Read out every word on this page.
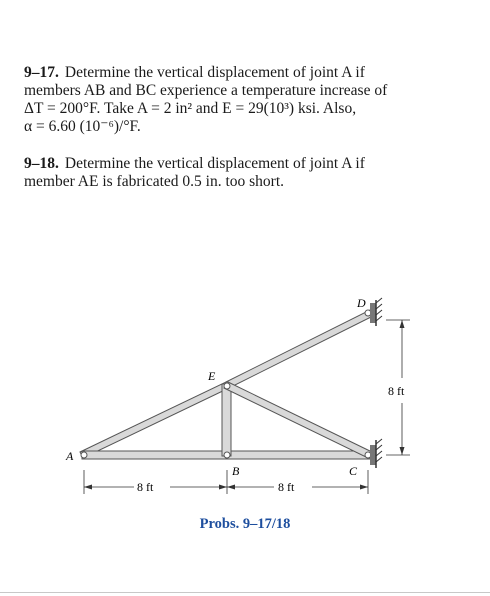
9–17. Determine the vertical displacement of joint A if
members AB and BC experience a temperature increase of
ΔT = 200°F. Take A = 2 in² and E = 29(10³) ksi. Also,
α = 6.60 (10⁻⁶)/°F.
9–18. Determine the vertical displacement of joint A if
member AE is fabricated 0.5 in. too short.
D
E
A
B	C
8 ft	8 ft
8 ft
Probs. 9–17/18
